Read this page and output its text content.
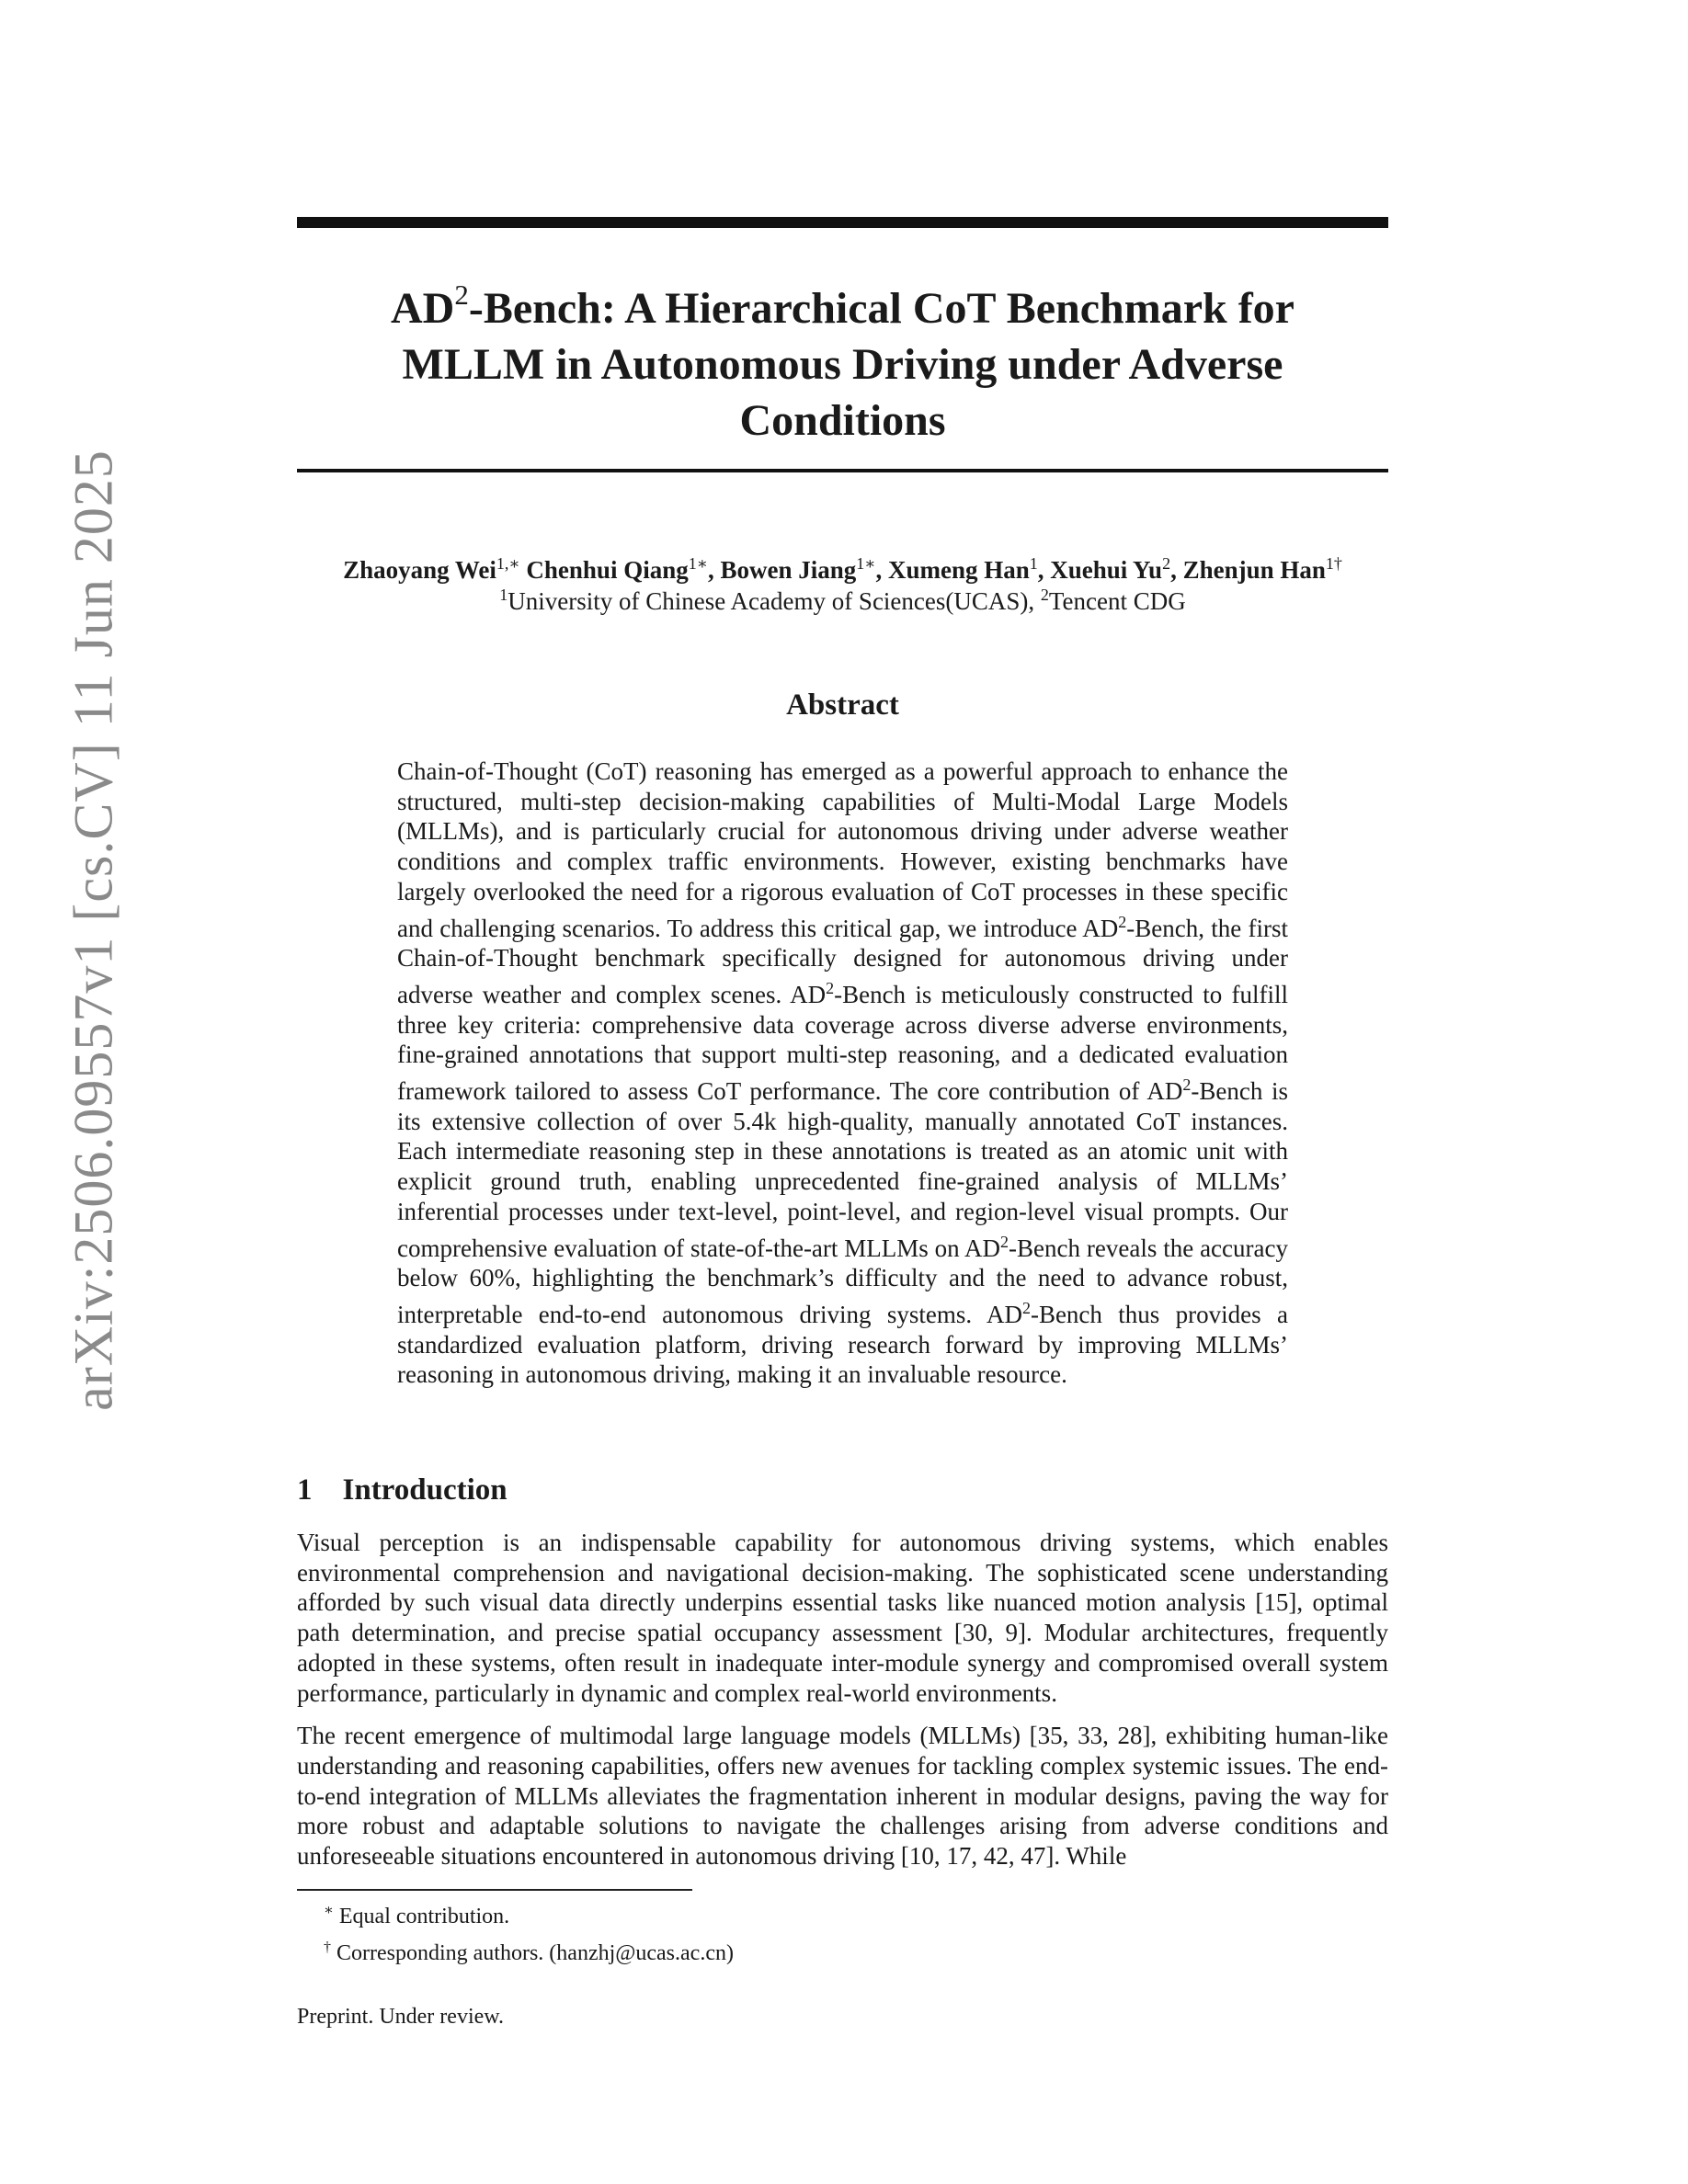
arXiv:2506.09557v1 [cs.CV] 11 Jun 2025
$AD^2$-Bench: A Hierarchical CoT Benchmark for
MLLM in Autonomous Driving under Adverse
Conditions
Zhaoyang Wei$^{1,∗}$ Chenhui Qiang$^{1∗}$, Bowen Jiang$^{1∗}$, Xumeng Han$^1$, Xuehui Yu$^2$, Zhenjun Han$^{1\dagger}$
$^1$University of Chinese Academy of Sciences(UCAS), $^2$Tencent CDG
Abstract

Chain-of-Thought (CoT) reasoning has emerged as a powerful approach to enhance the structured, multi-step decision-making capabilities of Multi-Modal Large Models (MLLMs), and is particularly crucial for autonomous driving under adverse weather conditions and complex traffic environments. However, existing benchmarks have largely overlooked the need for a rigorous evaluation of CoT processes in these specific and challenging scenarios. To address this critical gap, we introduce $AD^2$-Bench, the first Chain-of-Thought benchmark specifically designed for autonomous driving under adverse weather and complex scenes. $AD^2$-Bench is meticulously constructed to fulfill three key criteria: comprehensive data coverage across diverse adverse environments, fine-grained annotations that support multi-step reasoning, and a dedicated evaluation framework tailored to assess CoT performance. The core contribution of $AD^2$-Bench is its extensive collection of over 5.4k high-quality, manually annotated CoT instances. Each intermediate reasoning step in these annotations is treated as an atomic unit with explicit ground truth, enabling unprecedented fine-grained analysis of MLLMs’ inferential processes under text-level, point-level, and region-level visual prompts. Our comprehensive evaluation of state-of-the-art MLLMs on $AD^2$-Bench reveals the accuracy below 60%, highlighting the benchmark’s difficulty and the need to advance robust, interpretable end-to-end autonomous driving systems. $AD^2$-Bench thus provides a standardized evaluation platform, driving research forward by improving MLLMs’ reasoning in autonomous driving, making it an invaluable resource.

1 Introduction

Visual perception is an indispensable capability for autonomous driving systems, which enables environmental comprehension and navigational decision-making. The sophisticated scene understanding afforded by such visual data directly underpins essential tasks like nuanced motion analysis [15], optimal path determination, and precise spatial occupancy assessment [30, 9]. Modular architectures, frequently adopted in these systems, often result in inadequate inter-module synergy and compromised overall system performance, particularly in dynamic and complex real-world environments.

The recent emergence of multimodal large language models (MLLMs) [35, 33, 28], exhibiting human-like understanding and reasoning capabilities, offers new avenues for tackling complex systemic issues. The end-to-end integration of MLLMs alleviates the fragmentation inherent in modular designs, paving the way for more robust and adaptable solutions to navigate the challenges arising from adverse conditions and unforeseeable situations encountered in autonomous driving [10, 17, 42, 47]. While

∗ Equal contribution.
† Corresponding authors. (hanzhj@ucas.ac.cn)
Preprint. Under review.
